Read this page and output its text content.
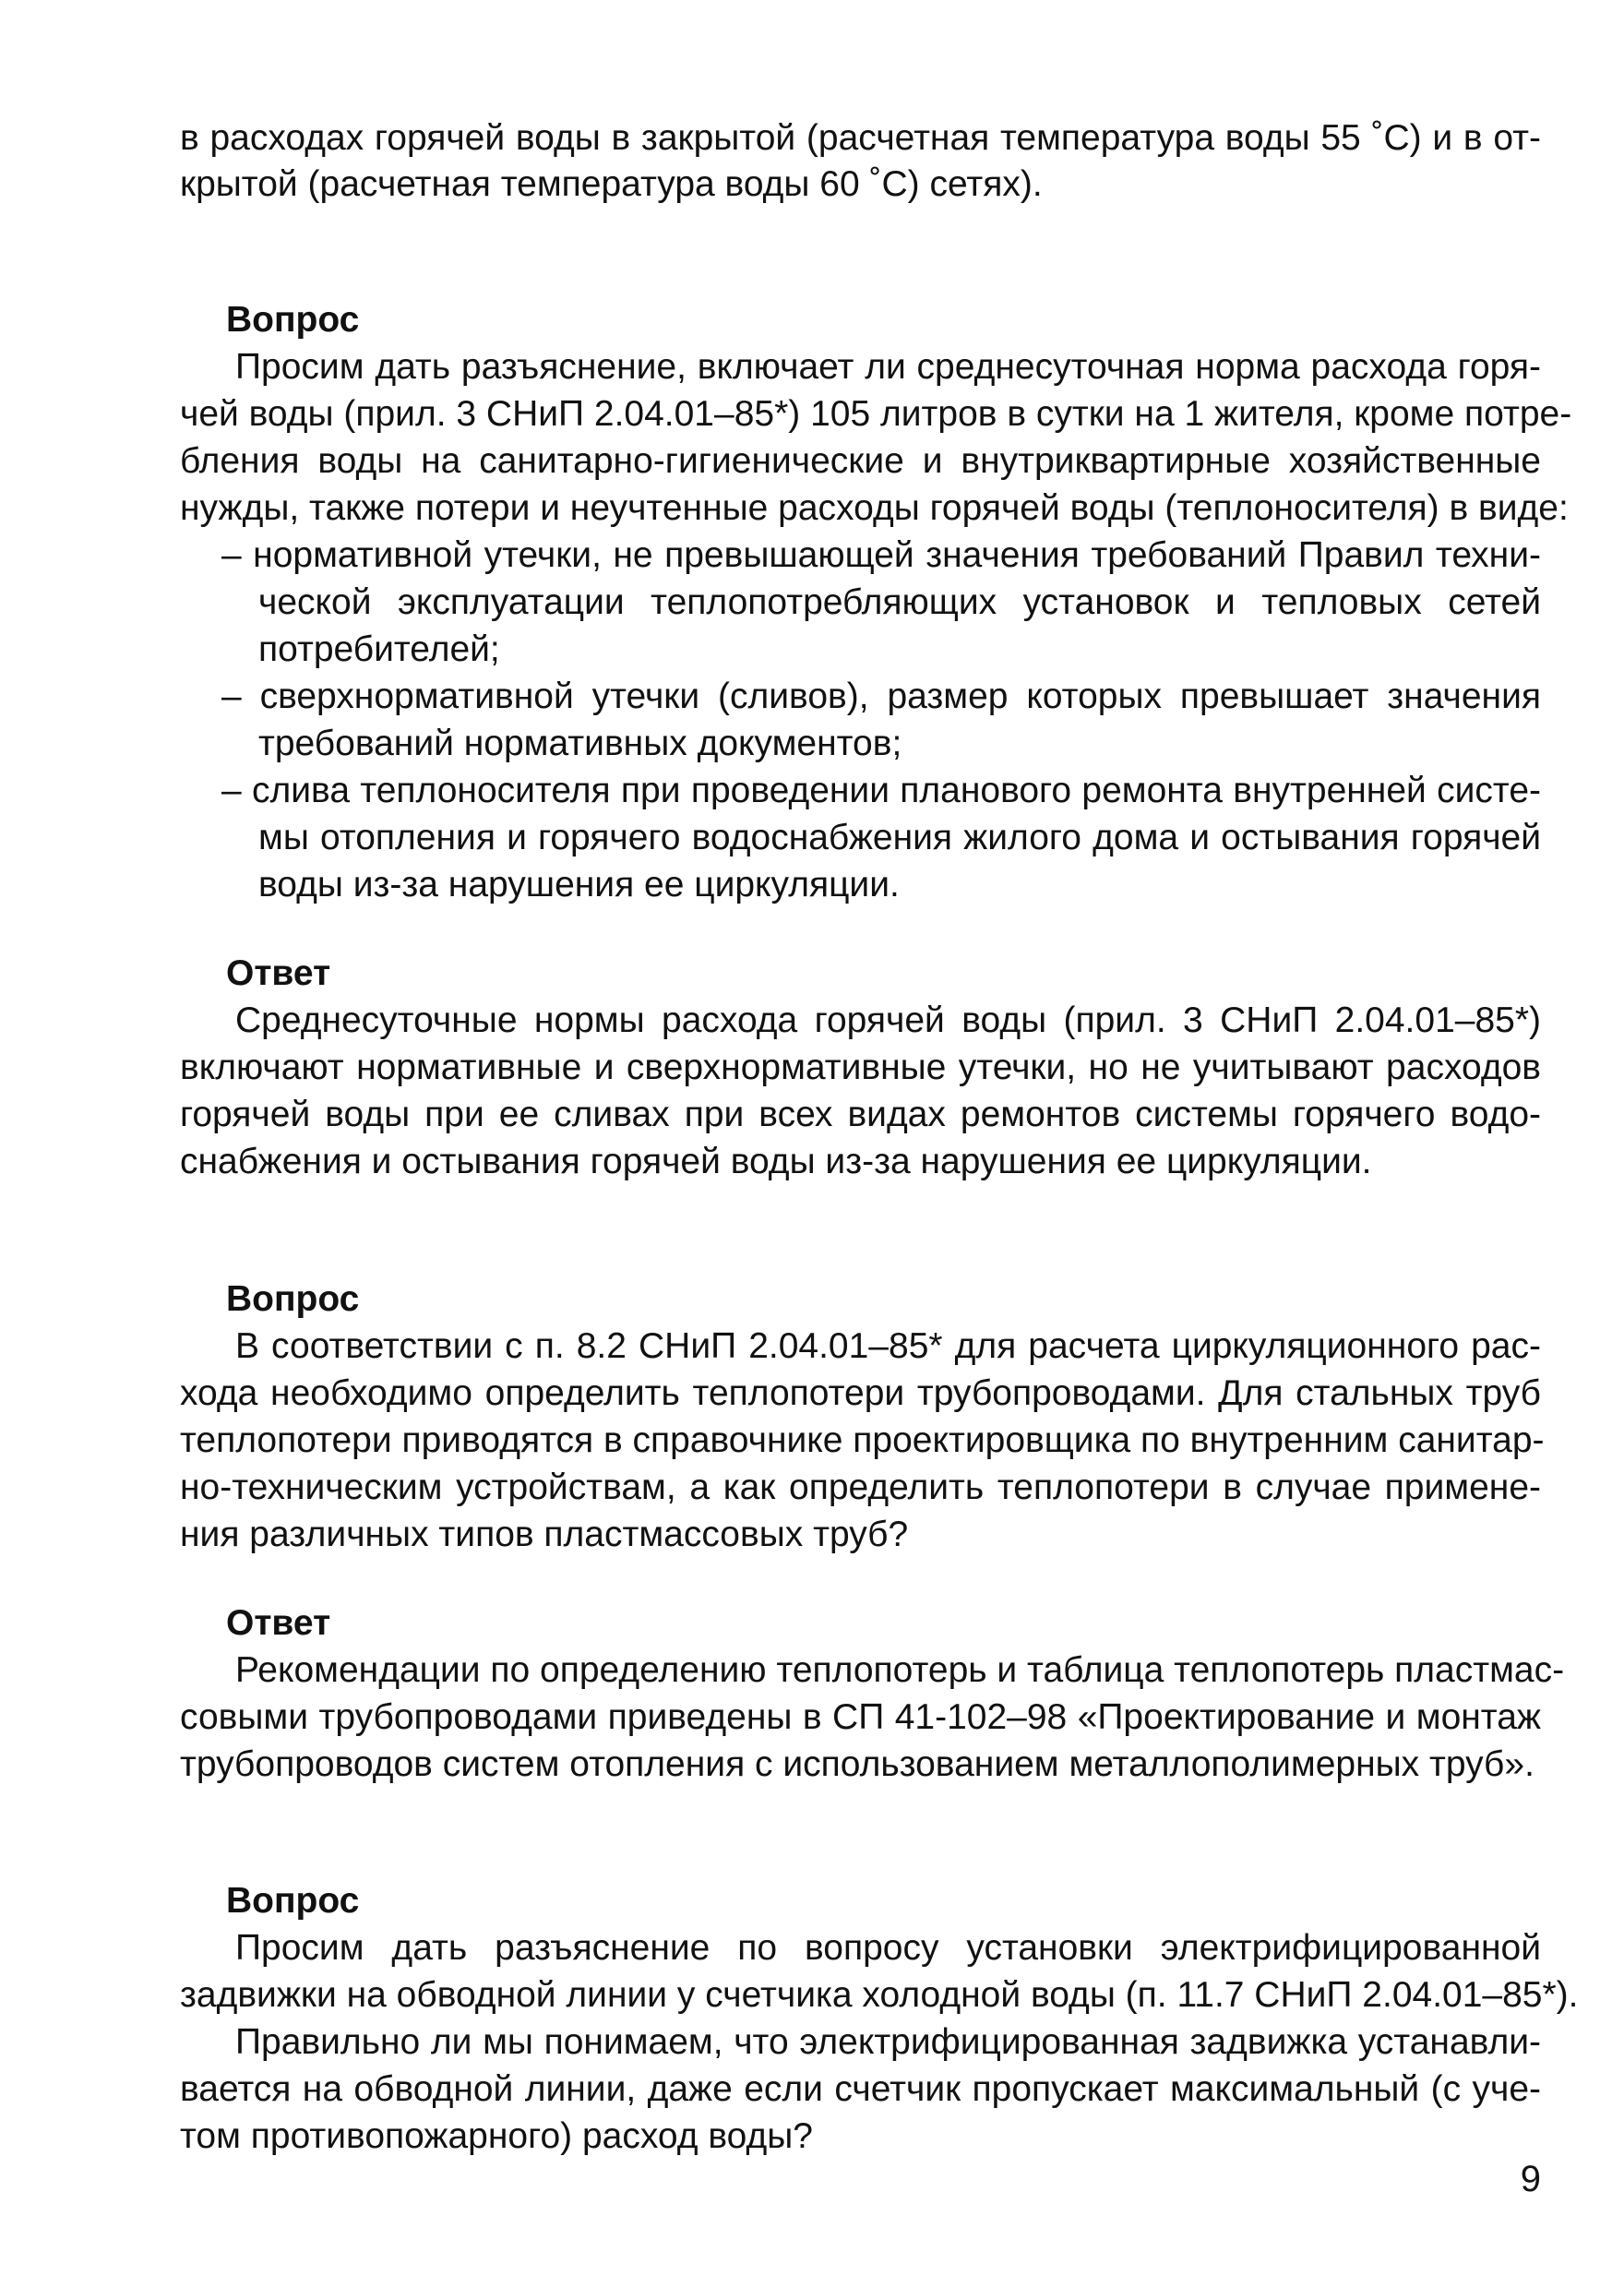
в расходах горячей воды в закрытой (расчетная температура воды 55 ˚С) и в от-
крытой (расчетная температура воды 60 ˚С) сетях).
Вопрос
Просим дать разъяснение, включает ли среднесуточная норма расхода горя-
чей воды (прил. 3 СНиП 2.04.01–85*) 105 литров в сутки на 1 жителя, кроме потре-
бления воды на санитарно-гигиенические и внутриквартирные хозяйственные
нужды, также потери и неучтенные расходы горячей воды (теплоносителя) в виде:
– нормативной утечки, не превышающей значения требований Правил техни-
ческой эксплуатации теплопотребляющих установок и тепловых сетей
потребителей;
– сверхнормативной утечки (сливов), размер которых превышает значения
требований нормативных документов;
– слива теплоносителя при проведении планового ремонта внутренней систе-
мы отопления и горячего водоснабжения жилого дома и остывания горячей
воды из-за нарушения ее циркуляции.
Ответ
Среднесуточные нормы расхода горячей воды (прил. 3 СНиП 2.04.01–85*)
включают нормативные и сверхнормативные утечки, но не учитывают расходов
горячей воды при ее сливах при всех видах ремонтов системы горячего водо-
снабжения и остывания горячей воды из-за нарушения ее циркуляции.
Вопрос
В соответствии с п. 8.2 СНиП 2.04.01–85* для расчета циркуляционного рас-
хода необходимо определить теплопотери трубопроводами. Для стальных труб
теплопотери приводятся в справочнике проектировщика по внутренним санитар-
но-техническим устройствам, а как определить теплопотери в случае примене-
ния различных типов пластмассовых труб?
Ответ
Рекомендации по определению теплопотерь и таблица теплопотерь пластмас-
совыми трубопроводами приведены в СП 41-102–98 «Проектирование и монтаж
трубопроводов систем отопления с использованием металлополимерных труб».
Вопрос
Просим дать разъяснение по вопросу установки электрифицированной
задвижки на обводной линии у счетчика холодной воды (п. 11.7 СНиП 2.04.01–85*).
Правильно ли мы понимаем, что электрифицированная задвижка устанавли-
вается на обводной линии, даже если счетчик пропускает максимальный (с уче-
том противопожарного) расход воды?
9
